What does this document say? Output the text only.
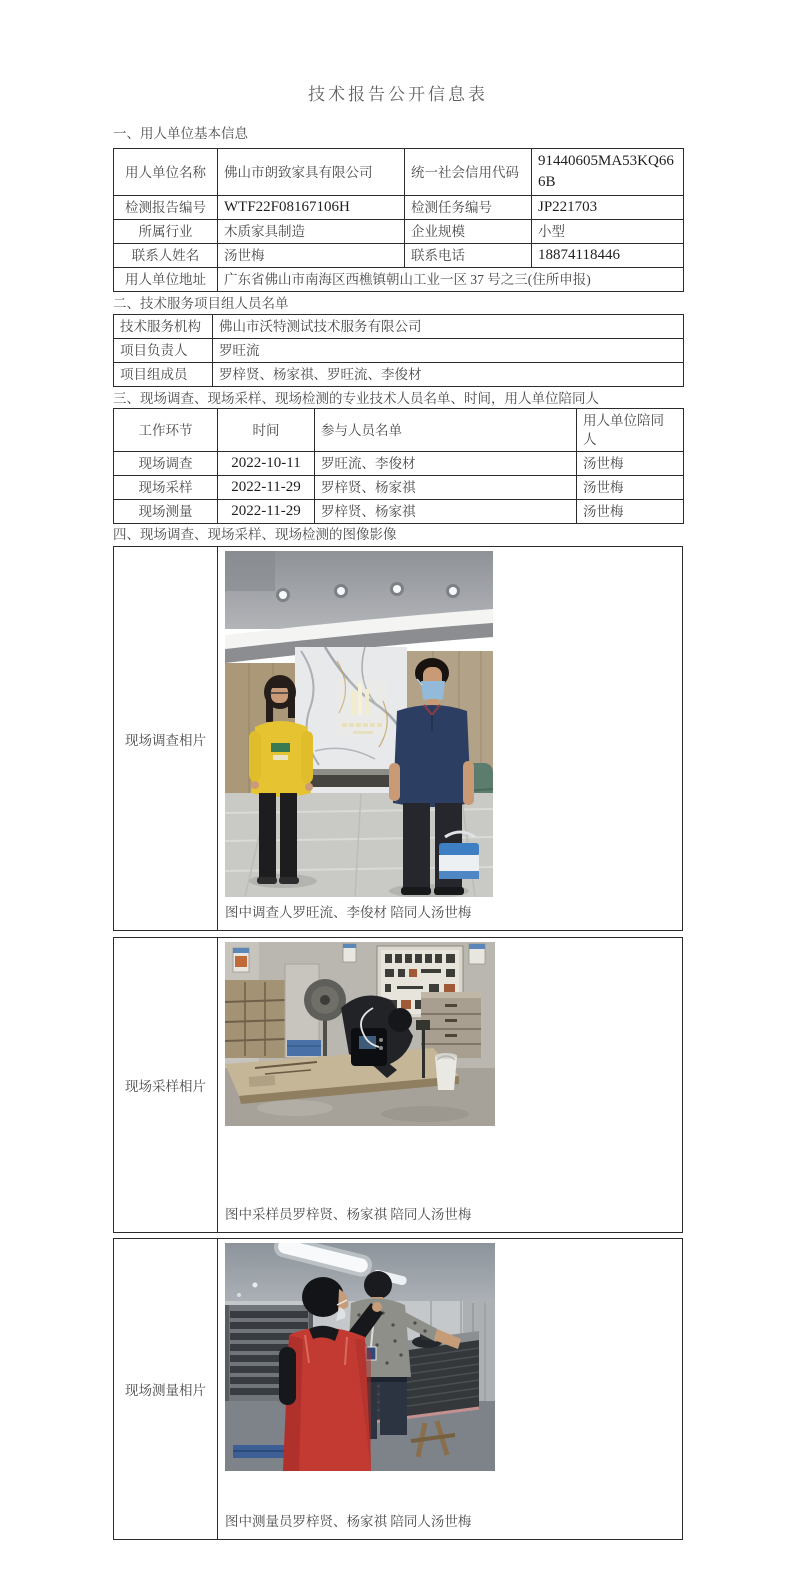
技术报告公开信息表

一、用人单位基本信息

用人单位名称	佛山市朗致家具有限公司	统一社会信用代码	91440605MA53KQ666B
检测报告编号	WTF22F08167106H	检测任务编号	JP221703
所属行业	木质家具制造	企业规模	小型
联系人姓名	汤世梅	联系电话	18874118446
用人单位地址	广东省佛山市南海区西樵镇朝山工业一区 37 号之三(住所申报)		

二、技术服务项目组人员名单

技术服务机构	佛山市沃特测试技术服务有限公司
项目负责人	罗旺流
项目组成员	罗梓贤、杨家祺、罗旺流、李俊材

三、现场调查、现场采样、现场检测的专业技术人员名单、时间，用人单位陪同人

工作环节	时间	参与人员名单	用人单位陪同人
现场调查	2022-10-11	罗旺流、李俊材	汤世梅
现场采样	2022-11-29	罗梓贤、杨家祺	汤世梅
现场测量	2022-11-29	罗梓贤、杨家祺	汤世梅

四、现场调查、现场采样、现场检测的图像影像

现场调查相片
图中调查人罗旺流、李俊材 陪同人汤世梅
现场采样相片
图中采样员罗梓贤、杨家祺 陪同人汤世梅
现场测量相片
图中测量员罗梓贤、杨家祺 陪同人汤世梅
